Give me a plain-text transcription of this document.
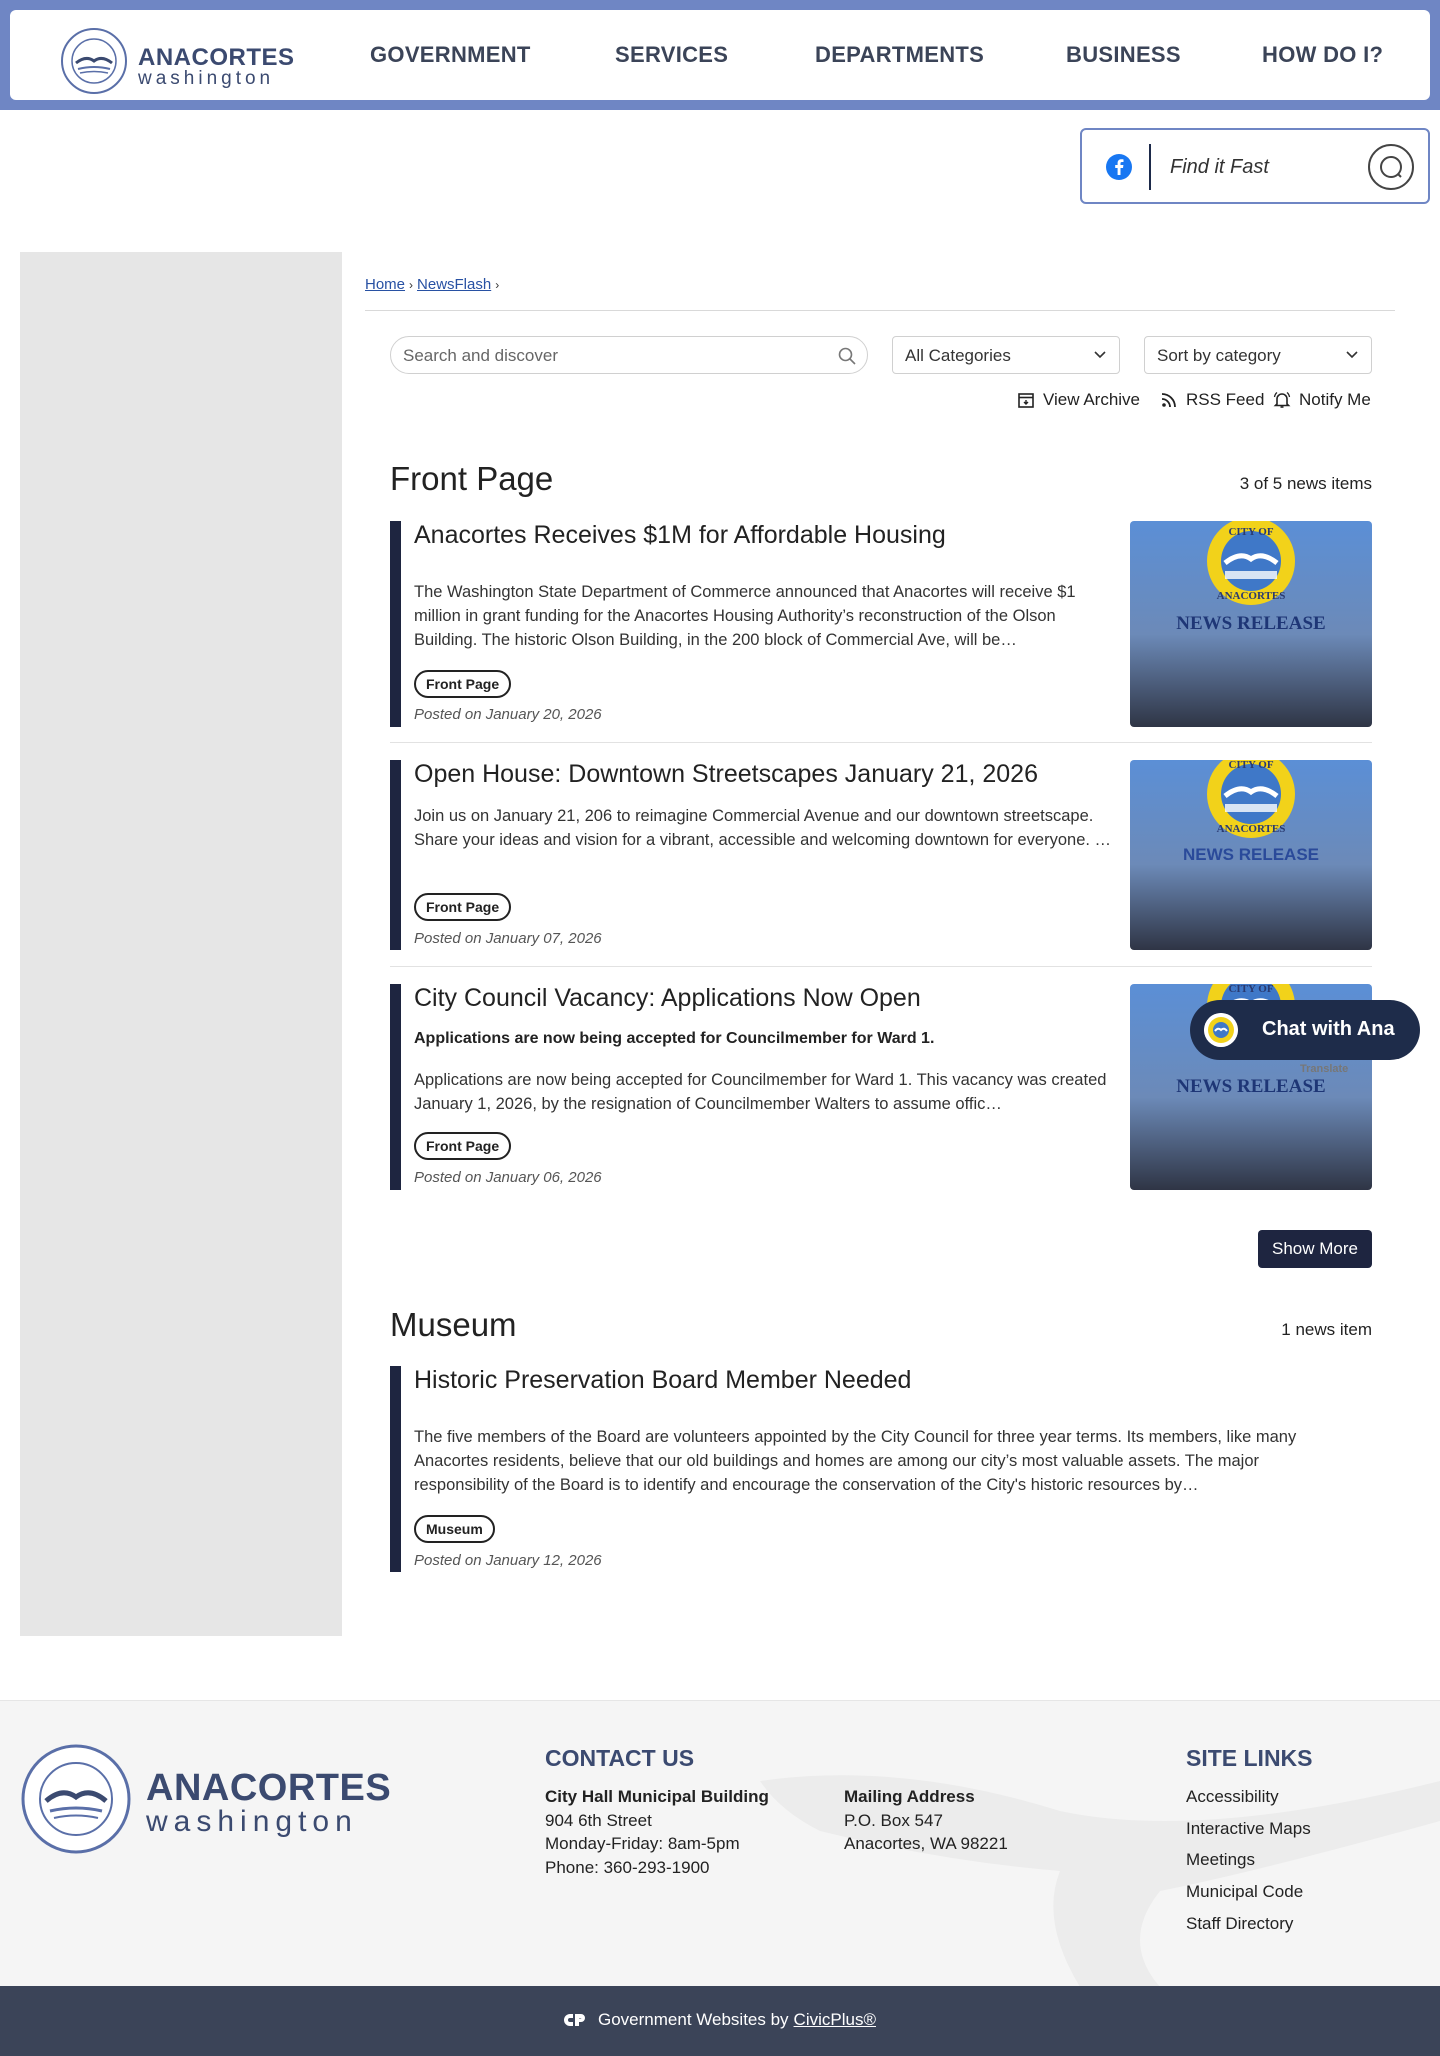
ANACORTES
washington
GOVERNMENT	SERVICES	DEPARTMENTS	BUSINESS	HOW DO I?
Find it Fast
Home › NewsFlash ›
Search and discover
All Categories	Sort by category
View Archive	RSS Feed Notify Me
Front Page	3 of 5 news items
Anacortes Receives $1M for Affordable Housing
The Washington State Department of Commerce announced that Anacortes will receive $1 million in grant funding for the Anacortes Housing Authority’s reconstruction of the Olson Building. The historic Olson Building, in the 200 block of Commercial Ave, will be…
Front Page
Posted on January 20, 2026
CITY OF
ANACORTES
NEWS RELEASE
Open House: Downtown Streetscapes January 21, 2026
Join us on January 21, 206 to reimagine Commercial Avenue and our downtown streetscape. Share your ideas and vision for a vibrant, accessible and welcoming downtown for everyone. …
Front Page
Posted on January 07, 2026
CITY OF
ANACORTES
NEWS RELEASE
City Council Vacancy: Applications Now Open
Applications are now being accepted for Councilmember for Ward 1.
Applications are now being accepted for Councilmember for Ward 1. This vacancy was created January 1, 2026, by the resignation of Councilmember Walters to assume offic…
Front Page
Posted on January 06, 2026
CITY OF
NEWS RELEASE
Show More
Chat with Ana
Translate
Museum	1 news item
Historic Preservation Board Member Needed
The five members of the Board are volunteers appointed by the City Council for three year terms. Its members, like many Anacortes residents, believe that our old buildings and homes are among our city’s most valuable assets. The major responsibility of the Board is to identify and encourage the conservation of the City's historic resources by…
Museum
Posted on January 12, 2026
ANACORTES
washington
CONTACT US
City Hall Municipal Building
904 6th Street
Monday-Friday: 8am-5pm
Phone: 360-293-1900
Mailing Address
P.O. Box 547
Anacortes, WA 98221
SITE LINKS
Accessibility
Interactive Maps
Meetings
Municipal Code
Staff Directory
Government Websites by CivicPlus®
